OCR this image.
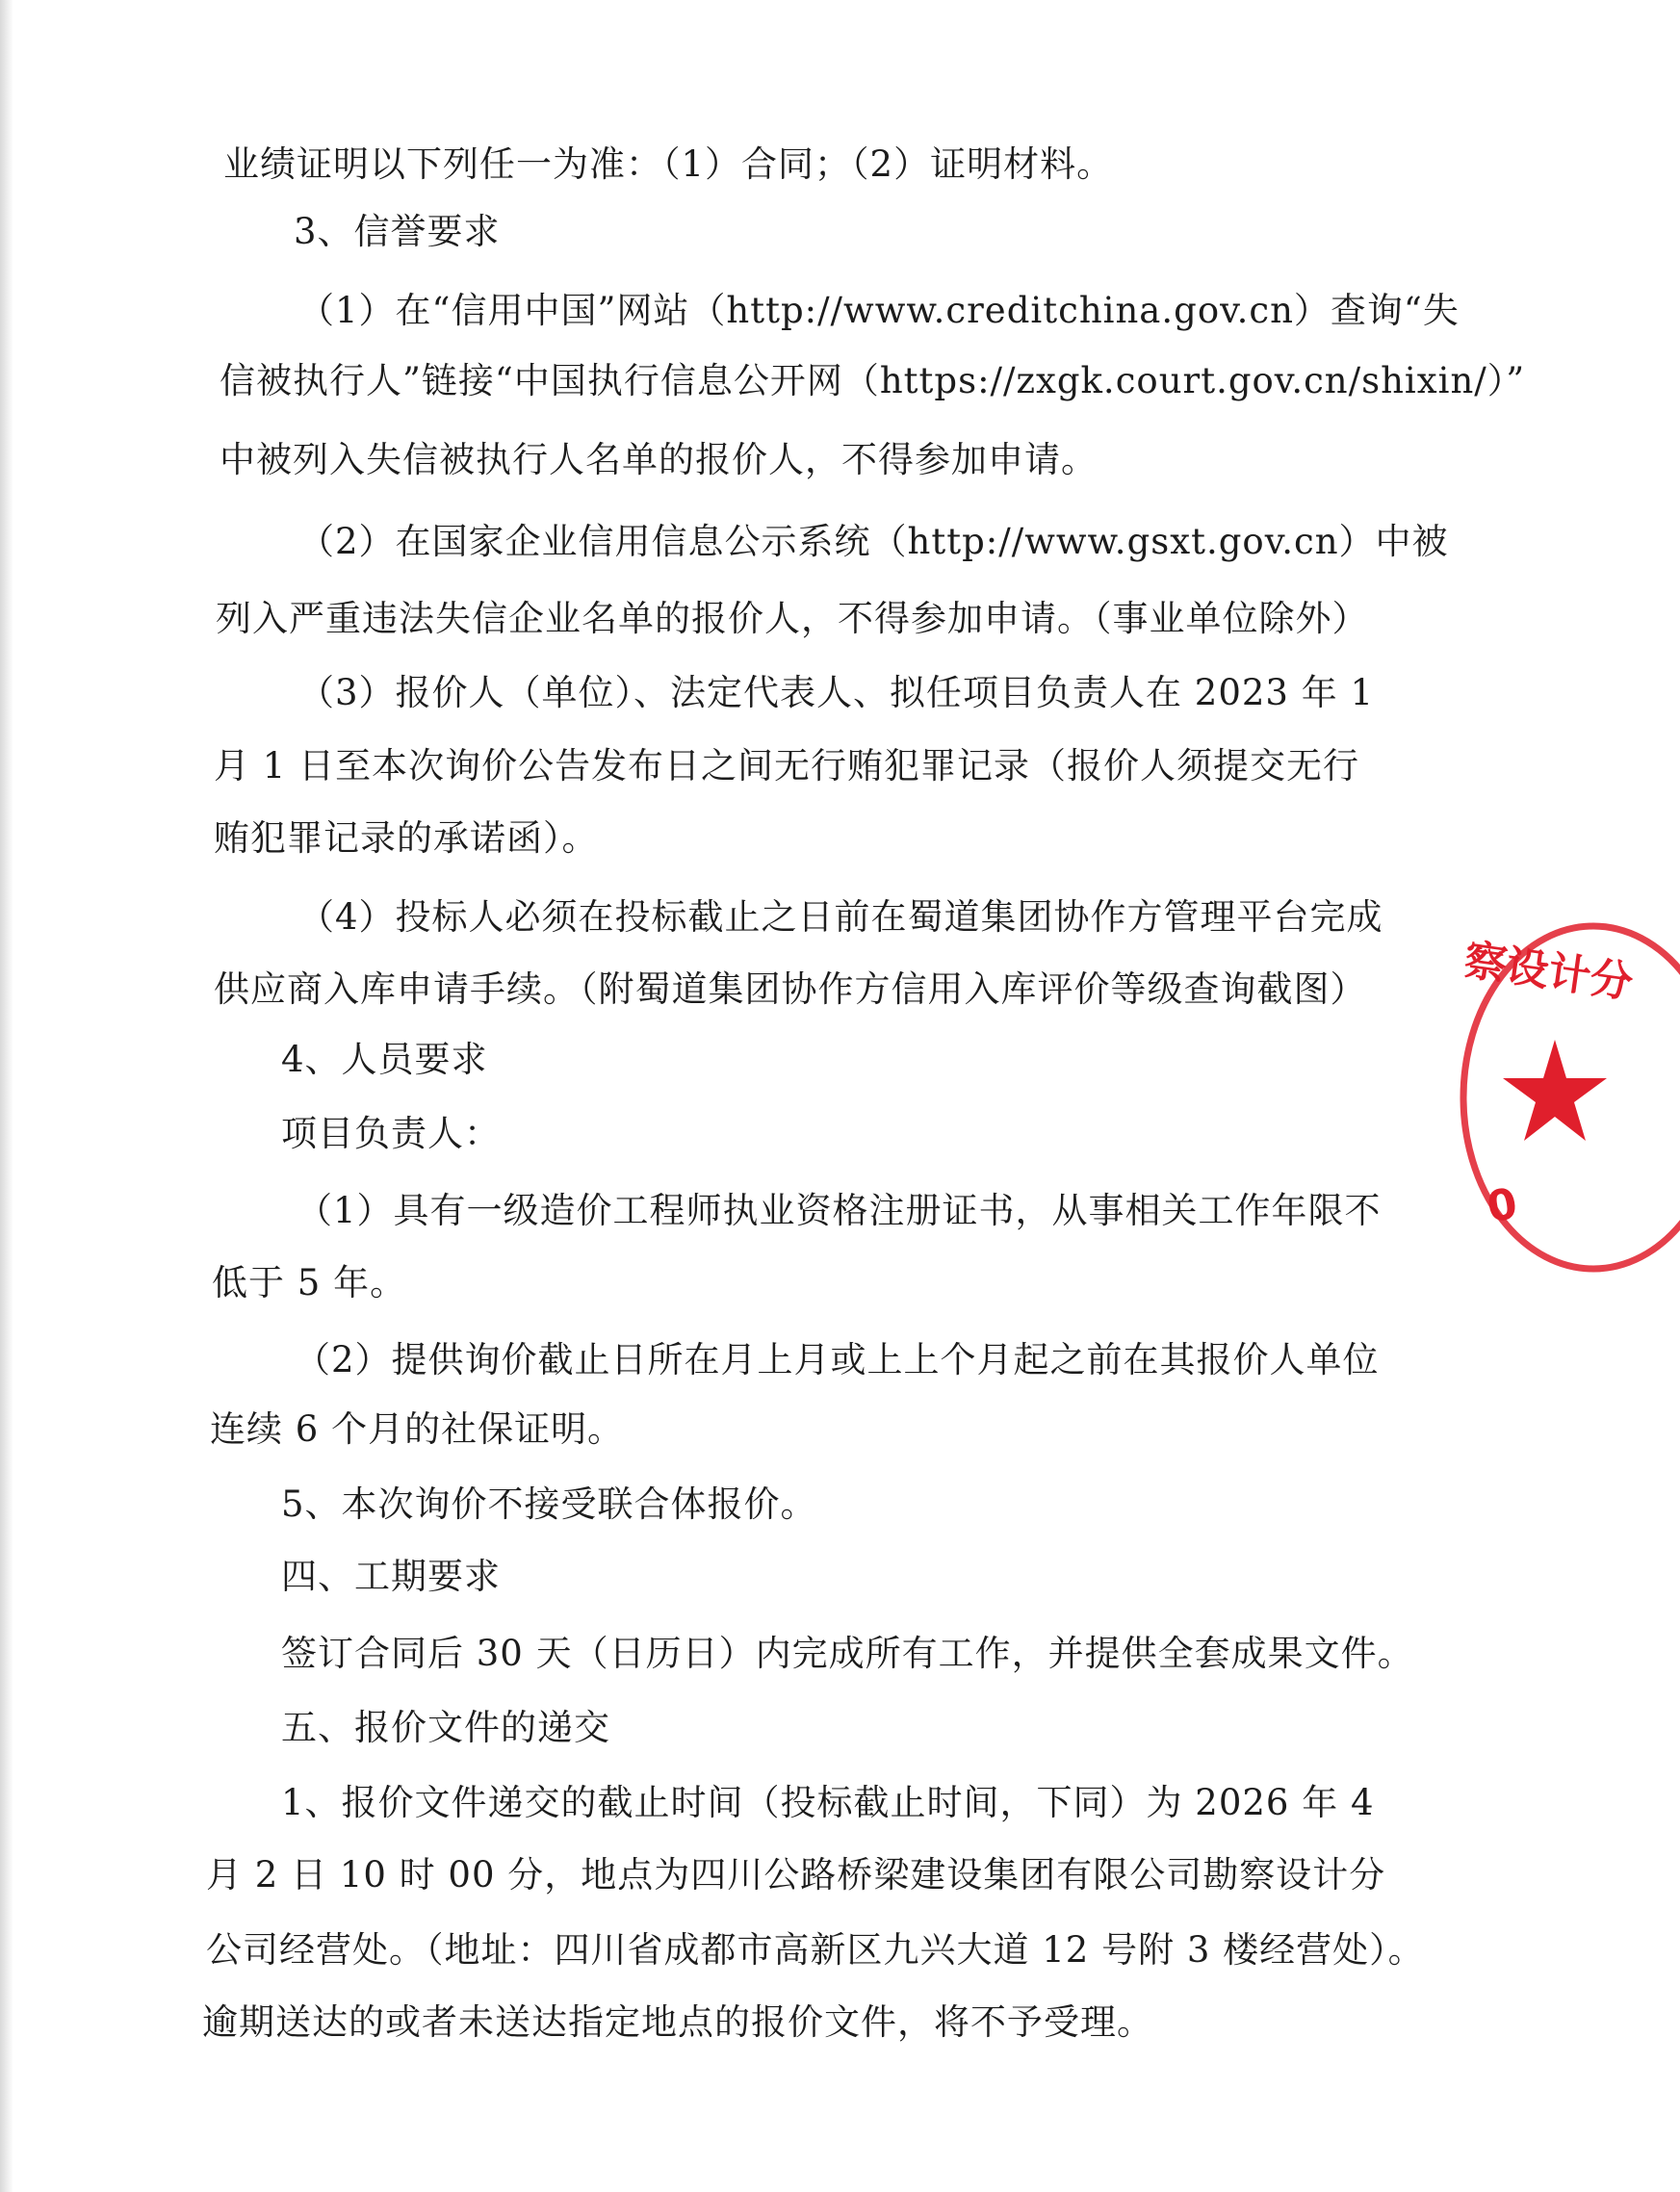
业绩证明以下列任一为准：（1）合同；（2）证明材料。
3、信誉要求
（1）在“信用中国”网站（http://www.creditchina.gov.cn）查询“失
信被执行人”链接“中国执行信息公开网（https://zxgk.court.gov.cn/shixin/）”
中被列入失信被执行人名单的报价人，不得参加申请。
（2）在国家企业信用信息公示系统（http://www.gsxt.gov.cn）中被
列入严重违法失信企业名单的报价人，不得参加申请。（事业单位除外）
（3）报价人（单位）、法定代表人、拟任项目负责人在 2023 年 1
月 1 日至本次询价公告发布日之间无行贿犯罪记录（报价人须提交无行
贿犯罪记录的承诺函）。
（4）投标人必须在投标截止之日前在蜀道集团协作方管理平台完成
供应商入库申请手续。（附蜀道集团协作方信用入库评价等级查询截图）
4、人员要求
项目负责人：
（1）具有一级造价工程师执业资格注册证书，从事相关工作年限不
低于 5 年。
（2）提供询价截止日所在月上月或上上个月起之前在其报价人单位
连续 6 个月的社保证明。
5、本次询价不接受联合体报价。
四、工期要求
签订合同后 30 天（日历日）内完成所有工作，并提供全套成果文件。
五、报价文件的递交
1、报价文件递交的截止时间（投标截止时间，下同）为 2026 年 4
月 2 日 10 时 00 分，地点为四川公路桥梁建设集团有限公司勘察设计分
公司经营处。（地址：四川省成都市高新区九兴大道 12 号附 3 楼经营处）。
逾期送达的或者未送达指定地点的报价文件，将不予受理。
察设计分
0
